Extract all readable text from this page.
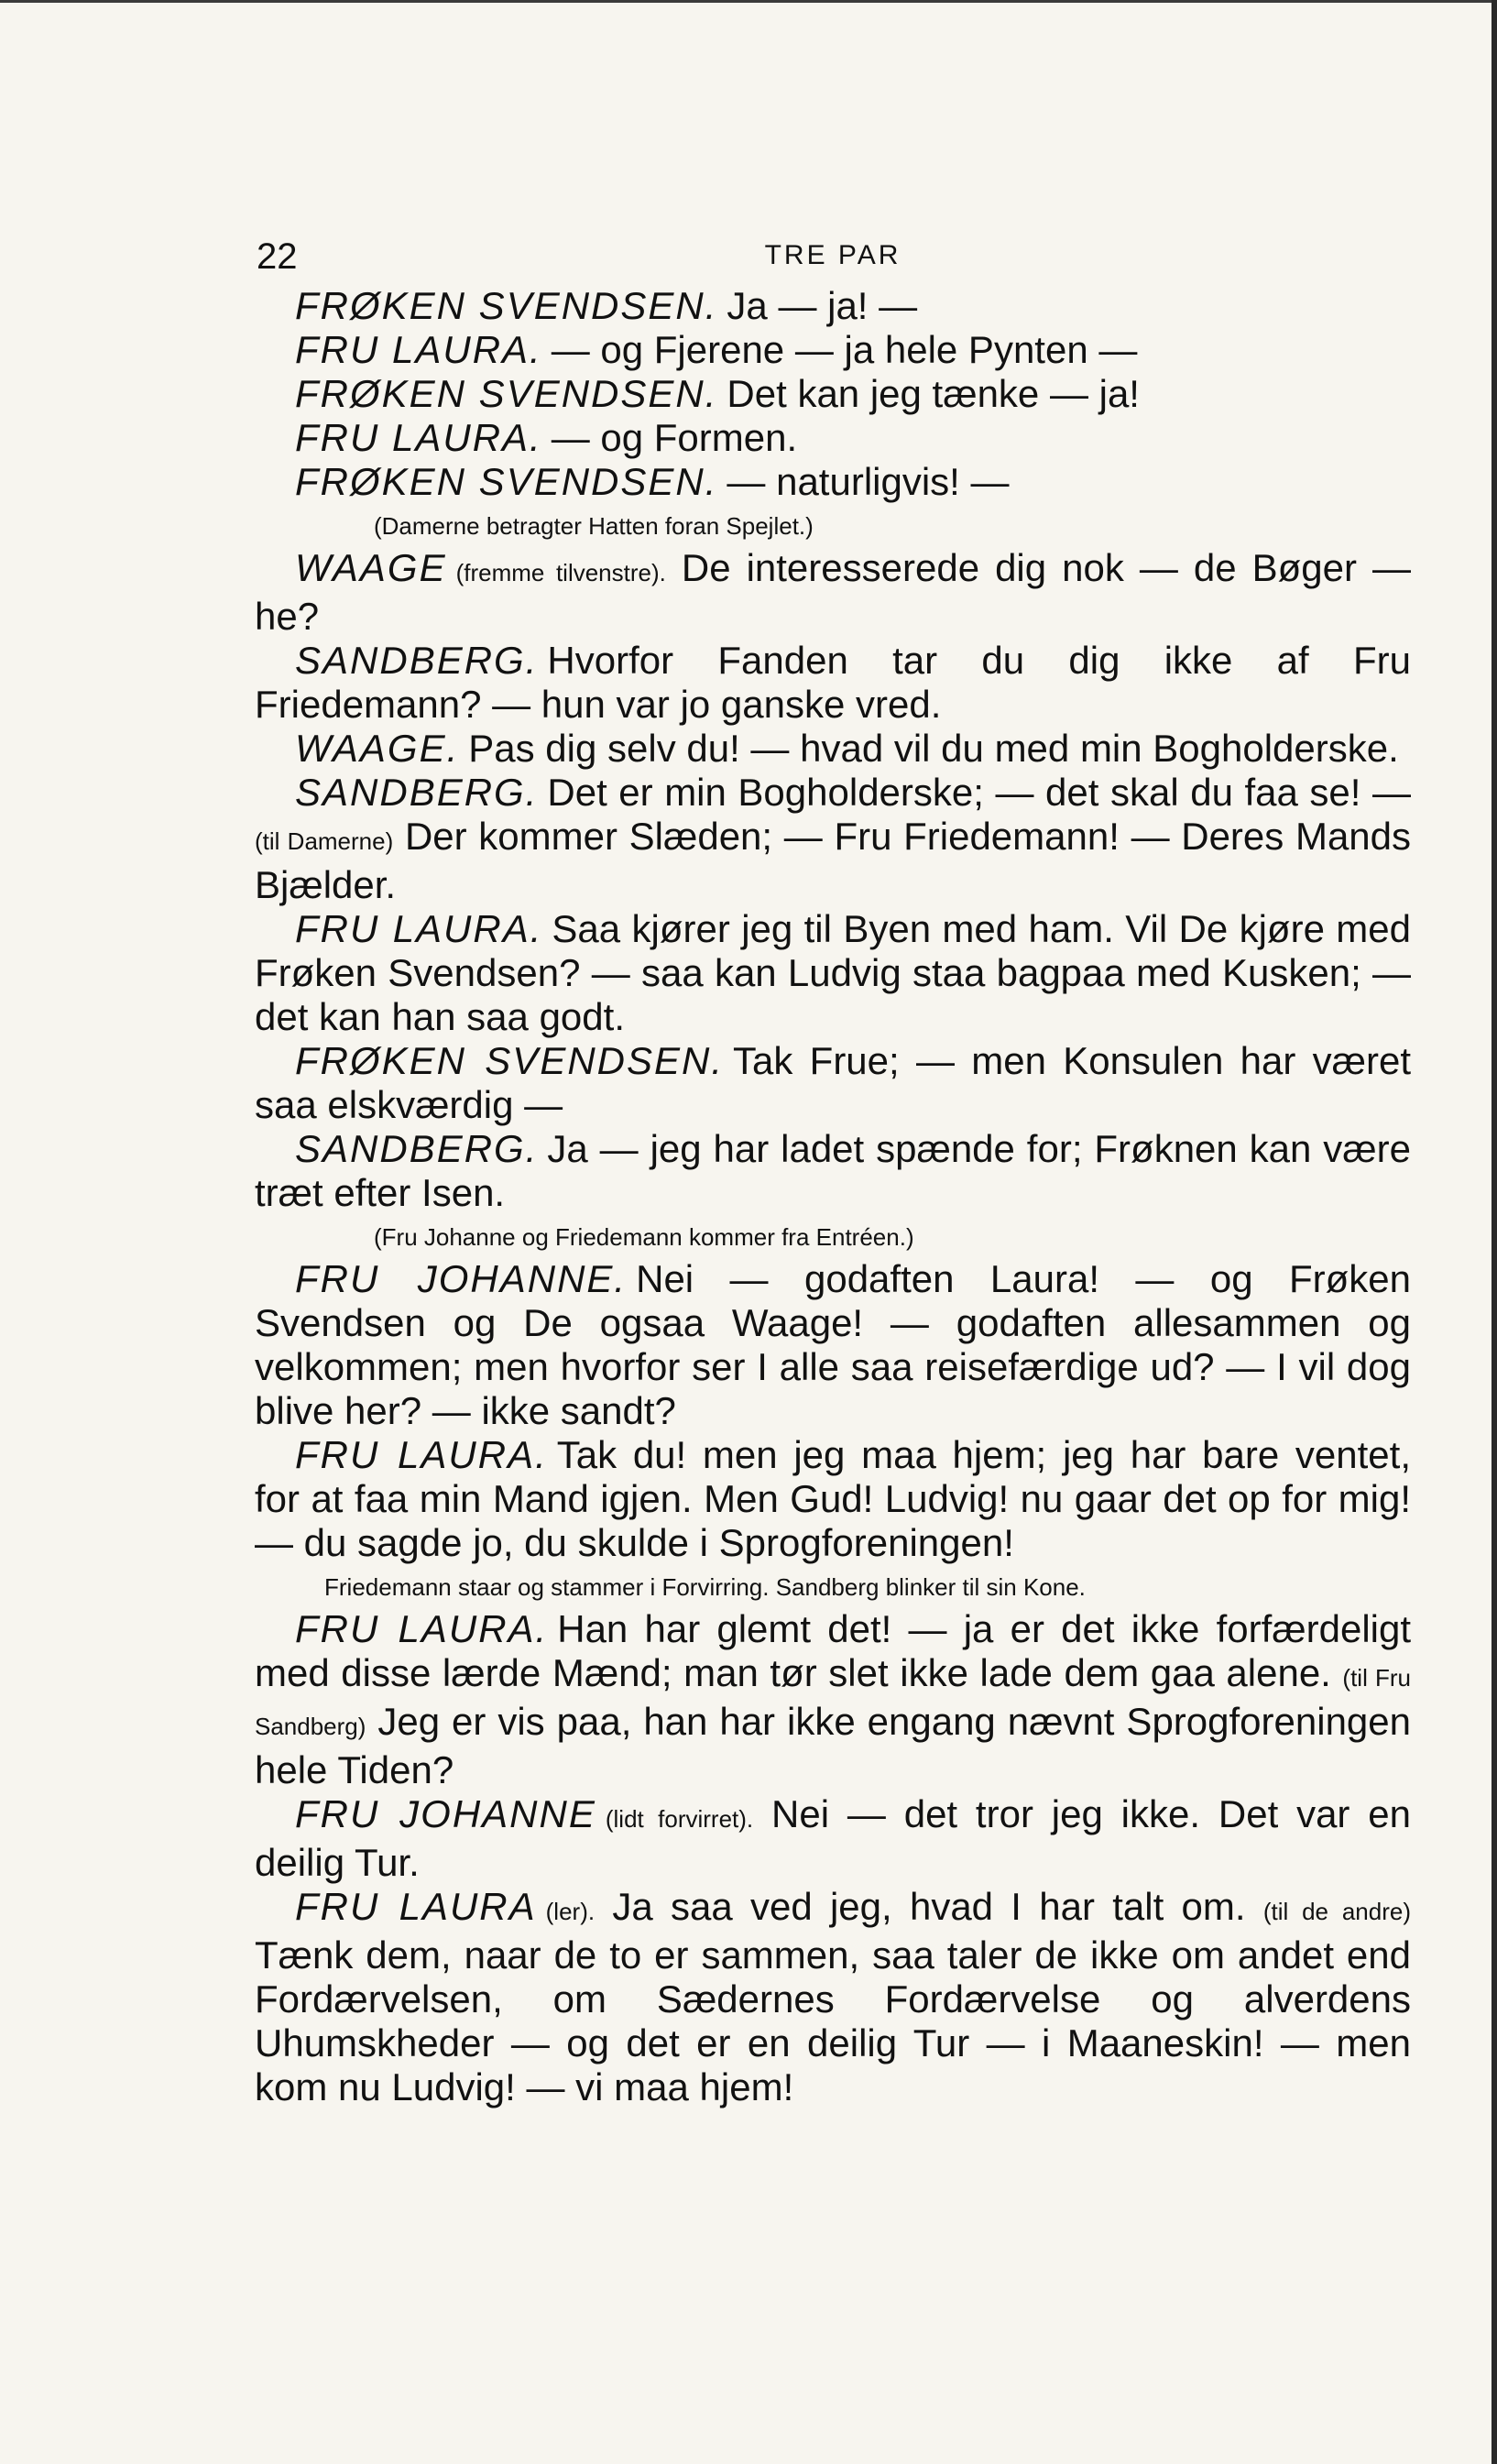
22	TRE PAR

FRØKEN SVENDSEN. Ja — ja! —

FRU LAURA. — og Fjerene — ja hele Pynten —

FRØKEN SVENDSEN. Det kan jeg tænke — ja!

FRU LAURA. — og Formen.

FRØKEN SVENDSEN. — naturligvis! —

(Damerne betragter Hatten foran Spejlet.)

WAAGE (fremme tilvenstre). De interesserede dig nok — de Bøger — he?

SANDBERG. Hvorfor Fanden tar du dig ikke af Fru Friedemann? — hun var jo ganske vred.

WAAGE. Pas dig selv du! — hvad vil du med min Bogholderske.

SANDBERG. Det er min Bogholderske; — det skal du faa se! — (til Damerne) Der kommer Slæden; — Fru Friedemann! — Deres Mands Bjælder.

FRU LAURA. Saa kjører jeg til Byen med ham. Vil De kjøre med Frøken Svendsen? — saa kan Ludvig staa bagpaa med Kusken; — det kan han saa godt.

FRØKEN SVENDSEN. Tak Frue; — men Konsulen har været saa elskværdig —

SANDBERG. Ja — jeg har ladet spænde for; Frøknen kan være træt efter Isen.

(Fru Johanne og Friedemann kommer fra Entréen.)

FRU JOHANNE. Nei — godaften Laura! — og Frøken Svendsen og De ogsaa Waage! — godaften allesammen og velkommen; men hvorfor ser I alle saa reisefærdige ud? — I vil dog blive her? — ikke sandt?

FRU LAURA. Tak du! men jeg maa hjem; jeg har bare ventet, for at faa min Mand igjen. Men Gud! Ludvig! nu gaar det op for mig! — du sagde jo, du skulde i Sprogforeningen!

Friedemann staar og stammer i Forvirring. Sandberg blinker til sin Kone.

FRU LAURA. Han har glemt det! — ja er det ikke forfærdeligt med disse lærde Mænd; man tør slet ikke lade dem gaa alene. (til Fru Sandberg) Jeg er vis paa, han har ikke engang nævnt Sprogforeningen hele Tiden?

FRU JOHANNE (lidt forvirret). Nei — det tror jeg ikke. Det var en deilig Tur.

FRU LAURA (ler). Ja saa ved jeg, hvad I har talt om. (til de andre) Tænk dem, naar de to er sammen, saa taler de ikke om andet end Fordærvelsen, om Sædernes Fordærvelse og alverdens Uhumskheder — og det er en deilig Tur — i Maaneskin! — men kom nu Ludvig! — vi maa hjem!
